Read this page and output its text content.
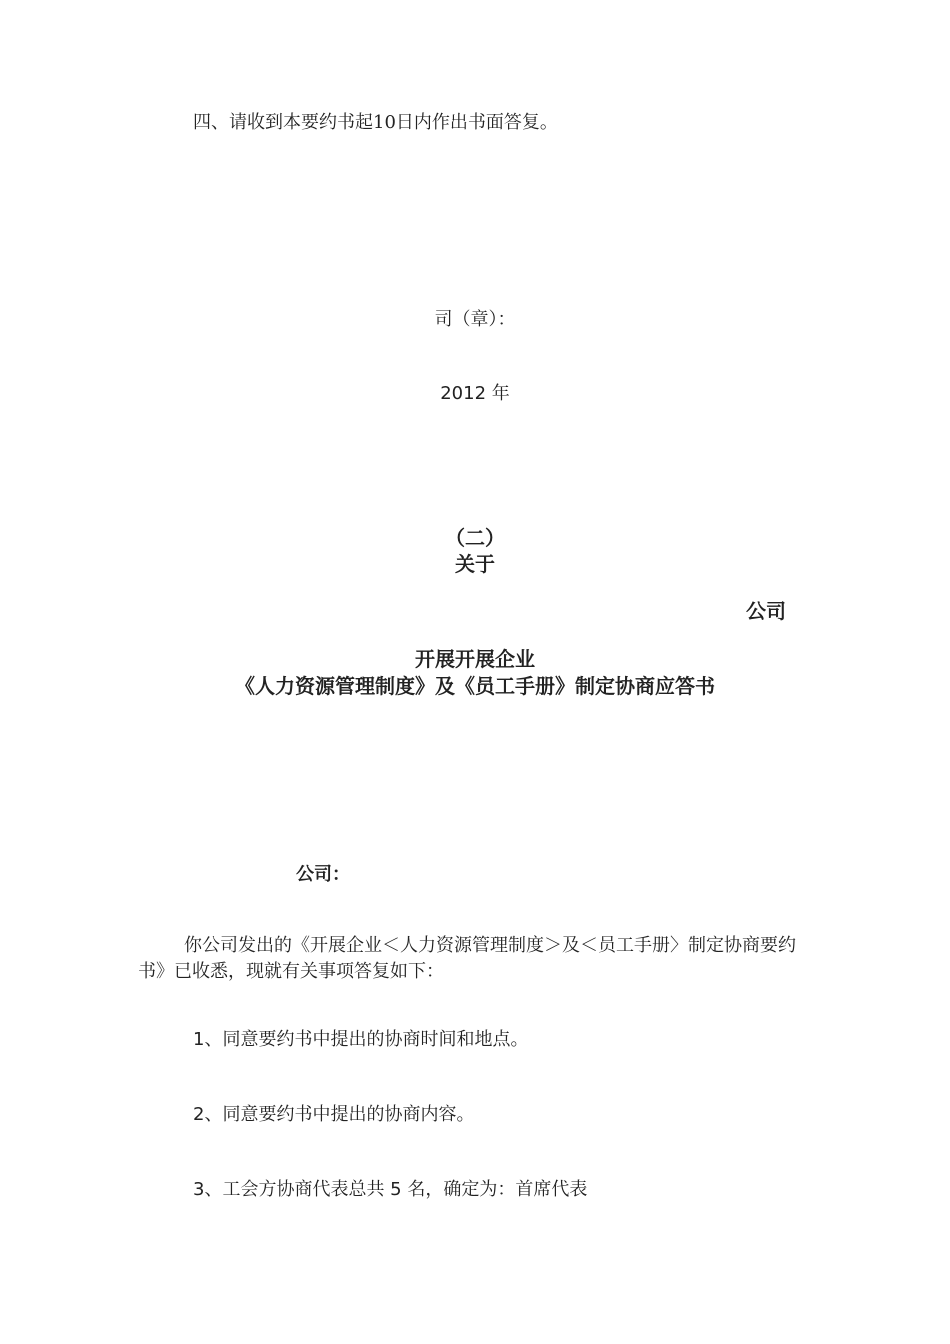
四、请收到本要约书起10日内作出书面答复。
司（章）：
2012 年
（二）
关于
公司
开展开展企业
《人力资源管理制度》及《员工手册》制定协商应答书
公司：
你公司发出的《开展企业＜人力资源管理制度＞及＜员工手册〉制定协商要约书》已收悉，现就有关事项答复如下：
1、同意要约书中提出的协商时间和地点。
2、同意要约书中提出的协商内容。
3、工会方协商代表总共 5 名，确定为：首席代表
